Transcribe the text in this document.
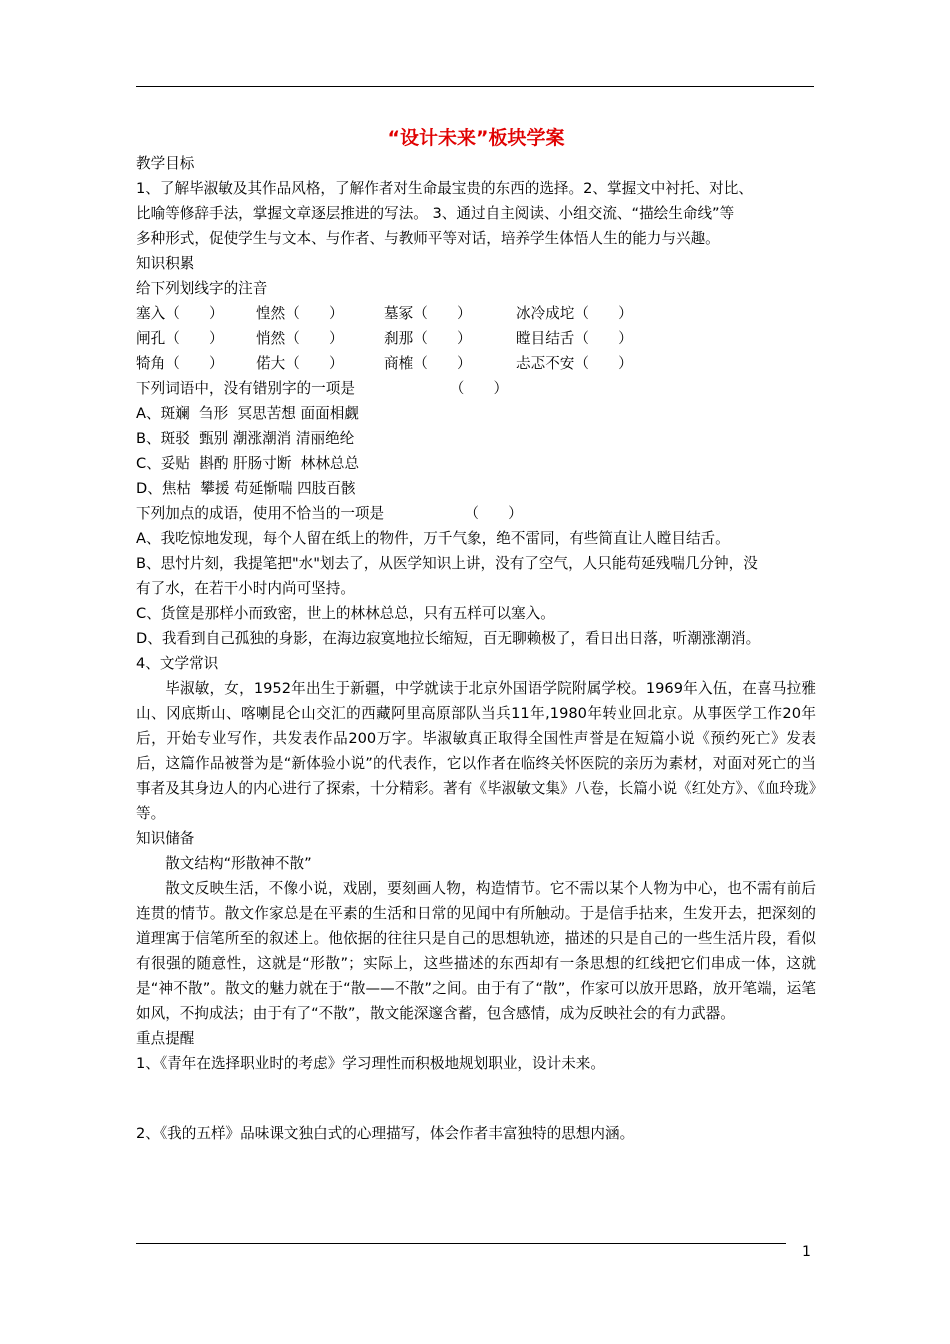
“设计未来”板块学案

教学目标

1、了解毕淑敏及其作品风格，了解作者对生命最宝贵的东西的选择。2、掌握文中衬托、对比、

比喻等修辞手法，掌握文章逐层推进的写法。 3、通过自主阅读、小组交流、“描绘生命线”等

多种形式，促使学生与文本、与作者、与教师平等对话，培养学生体悟人生的能力与兴趣。

知识积累

给下列划线字的注音

塞入（　　）	惶然（　　）	墓冢（　　）	冰冷成坨（　　）
闸孔（　　）	悄然（　　）	刹那（　　）	瞠目结舌（　　）
犄角（　　）	偌大（　　）	商榷（　　）	忐忑不安（　　）

下列词语中，没有错别字的一项是　　　　　　　（　　）

A、斑斓  刍形  冥思苦想 面面相觑

B、斑驳  甄别 潮涨潮消 清丽绝纶

C、妥贴  斟酌 肝肠寸断  林林总总

D、焦枯  攀援 苟延惭喘 四肢百骸

下列加点的成语，使用不恰当的一项是　　　　　　（　　）

A、我吃惊地发现，每个人留在纸上的物件，万千气象，绝不雷同，有些简直让人瞠目结舌。

B、思忖片刻，我提笔把"水"划去了，从医学知识上讲，没有了空气，人只能苟延残喘几分钟，没

有了水，在若干小时内尚可坚持。

C、货筐是那样小而致密，世上的林林总总，只有五样可以塞入。

D、我看到自己孤独的身影，在海边寂寞地拉长缩短，百无聊赖极了，看日出日落，听潮涨潮消。

4、文学常识

毕淑敏，女，1952年出生于新疆，中学就读于北京外国语学院附属学校。1969年入伍，在喜马拉雅山、冈底斯山、喀喇昆仑山交汇的西藏阿里高原部队当兵11年,1980年转业回北京。从事医学工作20年后，开始专业写作，共发表作品200万字。毕淑敏真正取得全国性声誉是在短篇小说《预约死亡》发表后，这篇作品被誉为是“新体验小说”的代表作，它以作者在临终关怀医院的亲历为素材，对面对死亡的当事者及其身边人的内心进行了探索，十分精彩。著有《毕淑敏文集》八卷，长篇小说《红处方》、《血玲珑》等。

知识储备

散文结构“形散神不散”

散文反映生活，不像小说，戏剧，要刻画人物，构造情节。它不需以某个人物为中心，也不需有前后连贯的情节。散文作家总是在平素的生活和日常的见闻中有所触动。于是信手拈来，生发开去，把深刻的道理寓于信笔所至的叙述上。他依据的往往只是自己的思想轨迹，描述的只是自己的一些生活片段，看似有很强的随意性，这就是“形散”；实际上，这些描述的东西却有一条思想的红线把它们串成一体，这就是“神不散”。散文的魅力就在于“散——不散”之间。由于有了“散”，作家可以放开思路，放开笔端，运笔如风，不拘成法；由于有了“不散”，散文能深邃含蓄，包含感情，成为反映社会的有力武器。

重点提醒

1、《青年在选择职业时的考虑》学习理性而积极地规划职业，设计未来。

2、《我的五样》品味课文独白式的心理描写，体会作者丰富独特的思想内涵。

1
